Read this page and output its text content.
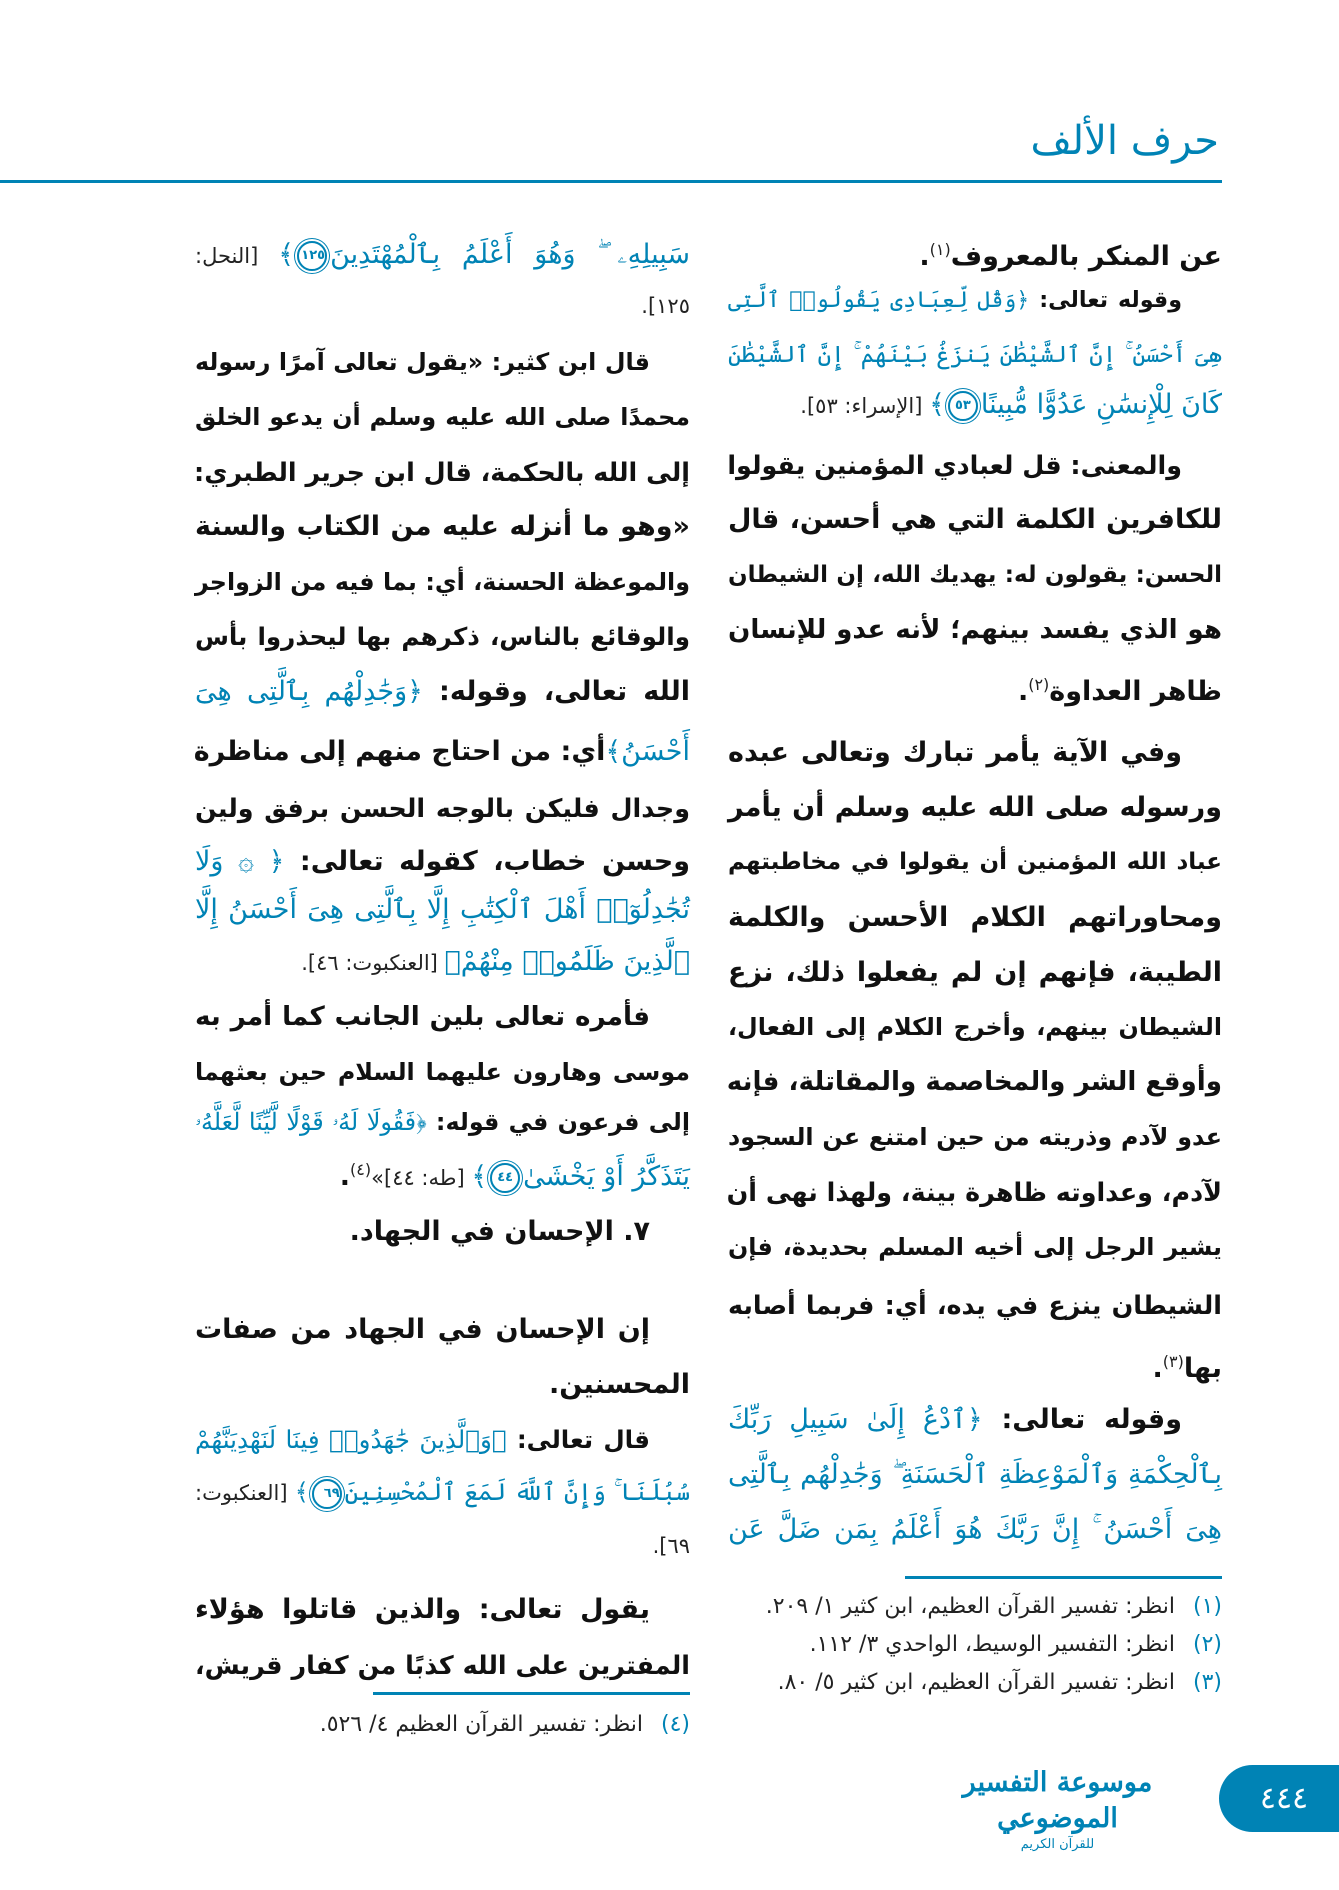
حرف الألف
عن المنكر بالمعروف$^{(١)}$.
وقوله تعالى: ﴿وَقُل لِّعِبَادِى يَقُولُوا۟ ٱلَّتِى
هِىَ أَحْسَنُ ۚ إِنَّ ٱلشَّيْطَٰنَ يَنزَغُ بَيْنَهُمْ ۚ إِنَّ ٱلشَّيْطَٰنَ
كَانَ لِلْإِنسَٰنِ عَدُوًّا مُّبِينًا٥٣﴾ [الإسراء: ٥٣].
والمعنى: قل لعبادي المؤمنين يقولوا
للكافرين الكلمة التي هي أحسن، قال
الحسن: يقولون له: يهديك الله، إن الشيطان
هو الذي يفسد بينهم؛ لأنه عدو للإنسان
ظاهر العداوة$^{(٢)}$.
وفي الآية يأمر تبارك وتعالى عبده
ورسوله صلى الله عليه وسلم أن يأمر
عباد الله المؤمنين أن يقولوا في مخاطبتهم
ومحاوراتهم الكلام الأحسن والكلمة
الطيبة، فإنهم إن لم يفعلوا ذلك، نزع
الشيطان بينهم، وأخرج الكلام إلى الفعال،
وأوقع الشر والمخاصمة والمقاتلة، فإنه
عدو لآدم وذريته من حين امتنع عن السجود
لآدم، وعداوته ظاهرة بينة، ولهذا نهى أن
يشير الرجل إلى أخيه المسلم بحديدة، فإن
الشيطان ينزع في يده، أي: فربما أصابه
بها$^{(٣)}$.
وقوله تعالى: ﴿ٱدْعُ إِلَىٰ سَبِيلِ رَبِّكَ
بِٱلْحِكْمَةِ وَٱلْمَوْعِظَةِ ٱلْحَسَنَةِ ۖ وَجَٰدِلْهُم بِٱلَّتِى
هِىَ أَحْسَنُ ۚ إِنَّ رَبَّكَ هُوَ أَعْلَمُ بِمَن ضَلَّ عَن
سَبِيلِهِۦ ۖ وَهُوَ أَعْلَمُ بِٱلْمُهْتَدِينَ١٢٥﴾ [النحل:
١٢٥].
قال ابن كثير: «يقول تعالى آمرًا رسوله
محمدًا صلى الله عليه وسلم أن يدعو الخلق
إلى الله بالحكمة، قال ابن جرير الطبري:
«وهو ما أنزله عليه من الكتاب والسنة
والموعظة الحسنة، أي: بما فيه من الزواجر
والوقائع بالناس، ذكرهم بها ليحذروا بأس
الله تعالى، وقوله: ﴿وَجَٰدِلْهُم بِٱلَّتِى هِىَ
أَحْسَنُ﴾أي: من احتاج منهم إلى مناظرة
وجدال فليكن بالوجه الحسن برفق ولين
وحسن خطاب، كقوله تعالى: ﴿ ۞ وَلَا
تُجَٰدِلُوٓا۟ أَهْلَ ٱلْكِتَٰبِ إِلَّا بِٱلَّتِى هِىَ أَحْسَنُ إِلَّا
ٱلَّذِينَ ظَلَمُوا۟ مِنْهُمْ﴾ [العنكبوت: ٤٦].
فأمره تعالى بلين الجانب كما أمر به
موسى وهارون عليهما السلام حين بعثهما
إلى فرعون في قوله: ﴿فَقُولَا لَهُۥ قَوْلًا لَّيِّنًا لَّعَلَّهُۥ
يَتَذَكَّرُ أَوْ يَخْشَىٰ٤٤﴾ [طه: ٤٤]»$^{(٤)}$.
٧. الإحسان في الجهاد.
إن الإحسان في الجهاد من صفات
المحسنين.
قال تعالى: ﴿وَٱلَّذِينَ جَٰهَدُوا۟ فِينَا لَنَهْدِيَنَّهُمْ
سُبُلَنَا ۚ وَإِنَّ ٱللَّهَ لَمَعَ ٱلْمُحْسِنِينَ٦٩﴾ [العنكبوت:
٦٩].
يقول تعالى: والذين قاتلوا هؤلاء
المفترين على الله كذبًا من كفار قريش،
(١)انظر: تفسير القرآن العظيم، ابن كثير ١/ ٢٠٩.
(٢)انظر: التفسير الوسيط، الواحدي ٣/ ١١٢.
(٣)انظر: تفسير القرآن العظيم، ابن كثير ٥/ ٨٠.
(٤)انظر: تفسير القرآن العظيم ٤/ ٥٢٦.
موسوعة التفسير الموضوعي
للقرآن الكريم
٤٤٤
